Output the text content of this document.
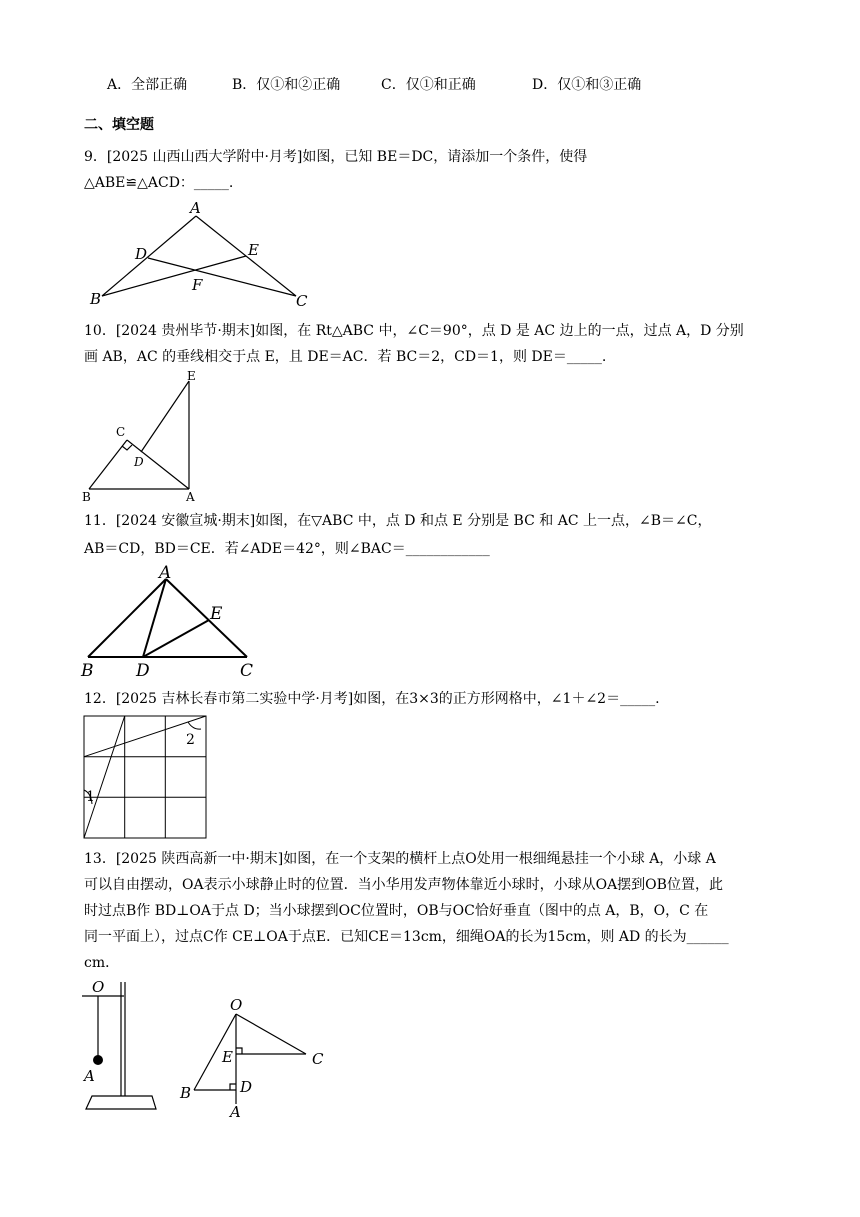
A．全部正确	B．仅①和②正确	C．仅①和正确	D．仅①和③正确
二、填空题
9．[2025 山西山西大学附中·月考]如图，已知 BE＝DC，请添加一个条件，使得
△ABE≌△ACD：_____.
A
B	C
D	E
F
10．[2024 贵州毕节·期末]如图，在 Rt△ABC 中，∠C＝90°，点 D 是 AC 边上的一点，过点 A，D 分别
画 AB，AC 的垂线相交于点 E，且 DE＝AC．若 BC＝2，CD＝1，则 DE＝_____.
E
C
D
B	A
11．[2024 安徽宣城·期末]如图，在▽ABC 中，点 D 和点 E 分别是 BC 和 AC 上一点，∠B＝∠C，
AB＝CD，BD＝CE．若∠ADE＝42°，则∠BAC＝____________
A
E
B	D	C
12．[2025 吉林长春市第二实验中学·月考]如图，在3×3的正方形网格中，∠1＋∠2＝_____.
1
2
13．[2025 陕西高新一中·期末]如图，在一个支架的横杆上点O处用一根细绳悬挂一个小球 A，小球 A
可以自由摆动，OA表示小球静止时的位置．当小华用发声物体靠近小球时，小球从OA摆到OB位置，此
时过点B作 BD⊥OA于点 D；当小球摆到OC位置时，OB与OC恰好垂直（图中的点 A，B，O，C 在
同一平面上），过点C作 CE⊥OA于点E．已知CE＝13cm，细绳OA的长为15cm，则 AD 的长为______
cm．
O
A
O
E	C
B	D
A
